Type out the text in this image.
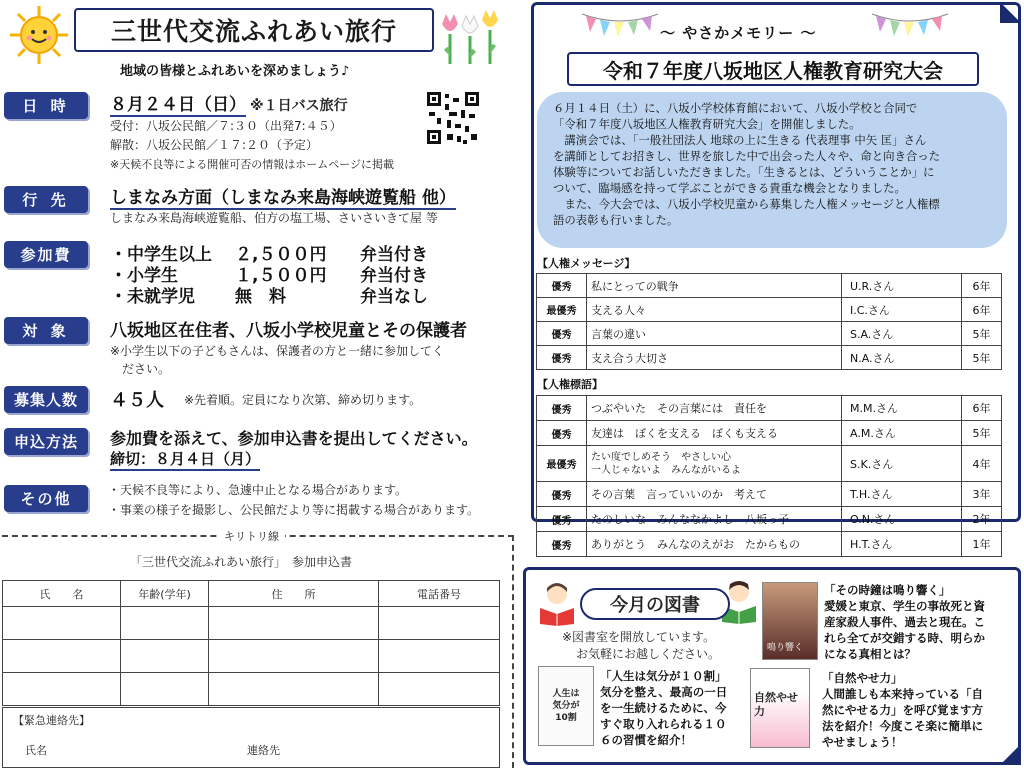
三世代交流ふれあい旅行
地域の皆様とふれあいを深めましょう♪
日 時	８月２４日（日） ※１日バス旅行
受付：八坂公民館／７:３０（出発7:４５）
解散：八坂公民館／１７:２０（予定）
※天候不良等による開催可否の情報はホームページに掲載
行 先	しまなみ方面（しまなみ来島海峡遊覧船 他）
しまなみ来島海峡遊覧船、伯方の塩工場、さいさいきて屋 等
参加費	・中学生以上	２,５００円	弁当付き
・小学生	１,５００円	弁当付き
・未就学児	無　料	弁当なし
対 象	八坂地区在住者、八坂小学校児童とその保護者
※小学生以下の子どもさんは、保護者の方と一緒に参加してく
ださい。
募集人数	４５人 ※先着順。定員になり次第、締め切ります。
申込方法	参加費を添えて、参加申込書を提出してください。
締切：８月４日（月）
その他	・天候不良等により、急遽中止となる場合があります。
・事業の様子を撮影し、公民館だより等に掲載する場合があります。
キリトリ線
「三世代交流ふれあい旅行」　参加申込書
氏　　名	年齢(学年)	住　　所	電話番号

【緊急連絡先】
氏名	連絡先
～ やさかメモリー ～
令和７年度八坂地区人権教育研究大会
６月１４日（土）に、八坂小学校体育館において、八坂小学校と合同で
「令和７年度八坂地区人権教育研究大会」を開催しました。
　講演会では、「一般社団法人 地球の上に生きる 代表理事 中矢 匡」さん
を講師としてお招きし、世界を旅した中で出会った人々や、命と向き合った
体験等についてお話しいただきました。「生きるとは、どういうことか」に
ついて、臨場感を持って学ぶことができる貴重な機会となりました。
　また、今大会では、八坂小学校児童から募集した人権メッセージと人権標
語の表彰も行いました。
【人権メッセージ】
優秀	私にとっての戦争	U.R.さん	6年
最優秀	支える人々	I.C.さん	6年
優秀	言葉の違い	S.A.さん	5年
優秀	支え合う大切さ	N.A.さん	5年
【人権標語】
優秀	つぶやいた　その言葉には　責任を	M.M.さん	6年
優秀	友達は　ぼくを支える　ぼくも支える	A.M.さん	5年
最優秀	たい度でしめそう　やさしい心
一人じゃないよ　みんながいるよ	S.K.さん	4年
優秀	その言葉　言っていいのか　考えて	T.H.さん	3年
優秀	たのしいな　みんななかよし　八坂っ子	O.N.さん	2年
優秀	ありがとう　みんなのえがお　たからもの	H.T.さん	1年
今月の図書
※図書室を開放しています。
お気軽にお越しください。	鳴り響く
「その時鐘は鳴り響く」
愛媛と東京、学生の事故死と資
産家殺人事件、過去と現在。こ
れら全てが交錯する時、明らか
になる真相とは？
人生は気分が10割
「人生は気分が１０割」
気分を整え、最高の一日
を一生続けるために、今
すぐ取り入れられる１０
６の習慣を紹介！
自然やせ力
「自然やせ力」
人間誰しも本来持っている「自
然にやせる力」を呼び覚ます方
法を紹介！今度こそ楽に簡単に
やせましょう！
